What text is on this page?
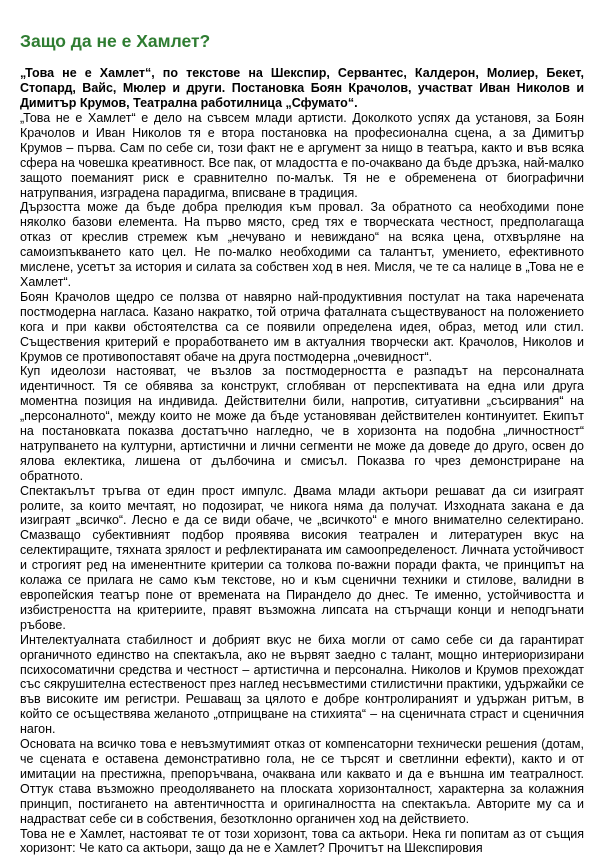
Защо да не е Хамлет?

„Това не е Хамлет“, по текстове на Шекспир, Сервантес, Калдерон, Молиер, Бекет, Стопард, Вайс, Мюлер и други. Постановка Боян Крачолов, участват Иван Николов и Димитър Крумов, Театрална работилница „Сфумато“.

„Това не е Хамлет“ е дело на съвсем млади артисти. Доколкото успях да установя, за Боян Крачолов и Иван Николов тя е втора постановка на професионална сцена, а за Димитър Крумов – първа. Сам по себе си, този факт не е аргумент за нищо в театъра, както и във всяка сфера на човешка креативност. Все пак, от младостта е по-очаквано да бъде дръзка, най-малко защото поеманият риск е сравнително по-малък. Тя не е обременена от биографични натрупвания, изградена парадигма, вписване в традиция.

Дързостта може да бъде добра прелюдия към провал. За обратното са необходими поне няколко базови елемента. На първо място, сред тях е творческата честност, предполагаща отказ от креслив стремеж към „нечувано и невиждано“ на всяка цена, отхвърляне на самоизпъкването като цел. Не по-малко необходими са талантът, умението, ефективното мислене, усетът за история и силата за собствен ход в нея. Мисля, че те са налице в „Това не е Хамлет“.

Боян Крачолов щедро се ползва от навярно най-продуктивния постулат на така наречената постмодерна нагласа. Казано накратко, той отрича фаталната съществуваност на положението кога и при какви обстоятелства са се появили определена идея, образ, метод или стил. Съществения критерий е проработването им в актуалния творчески акт. Крачолов, Николов и Крумов се противопоставят обаче на друга постмодерна „очевидност“.

Куп идеолози настояват, че възлов за постмодерността е разпадът на персоналната идентичност. Тя се обявява за конструкт, сглобяван от перспективата на една или друга моментна позиция на индивида. Действителни били, напротив, ситуативни „съсирвания“ на „персоналното“, между които не може да бъде установяван действителен континуитет. Екипът на постановката показва достатъчно нагледно, че в хоризонта на подобна „личностност“ натрупването на културни, артистични и лични сегменти не може да доведе до друго, освен до ялова еклектика, лишена от дълбочина и смисъл. Показва го чрез демонстриране на обратното.

Спектакълът тръгва от един прост импулс. Двама млади актьори решават да си изиграят ролите, за които мечтаят, но подозират, че никога няма да получат. Изходната закана е да изиграят „всичко“. Лесно е да се види обаче, че „всичкото“ е много внимателно селектирано. Смазващо субективният подбор проявява високия театрален и литературен вкус на селектиращите, тяхната зрялост и рефлектираната им самоопределеност. Личната устойчивост и строгият ред на именентните критерии са толкова по-важни поради факта, че принципът на колажа се прилага не само към текстове, но и към сценични техники и стилове, валидни в европейския театър поне от времената на Пирандело до днес. Те именно, устойчивостта и избистреността на критериите, правят възможна липсата на стърчащи конци и неподгънати ръбове.

Интелектуалната стабилност и добрият вкус не биха могли от само себе си да гарантират органичното единство на спектакъла, ако не вървят заедно с талант, мощно интериоризирани психосоматични средства и честност – артистична и персонална. Николов и Крумов прехождат със сякрушителна естественост през наглед несъвместими стилистични практики, удържайки се във високите им регистри. Решаващ за цялото е добре контролираният и удържан ритъм, в който се осъществява желаното „отприщване на стихията“ – на сценичната страст и сценичния нагон.

Основата на всичко това е невъзмутимият отказ от компенсаторни технически решения (дотам, че сцената е оставена демонстративно гола, не се търсят и светлинни ефекти), както и от имитации на престижна, препоръчвана, очаквана или каквато и да е външна им театралност. Оттук става възможно преодоляването на плоската хоризонталност, характерна за колажния принцип, постигането на автентичността и оригиналността на спектакъла. Авторите му са и надрастват себе си в собствения, безотклонно органичен ход на действието.

Това не е Хамлет, настояват те от този хоризонт, това са актьори. Нека ги попитам аз от същия хоризонт: Че като са актьори, защо да не е Хамлет? Прочитът на Шекспировия
